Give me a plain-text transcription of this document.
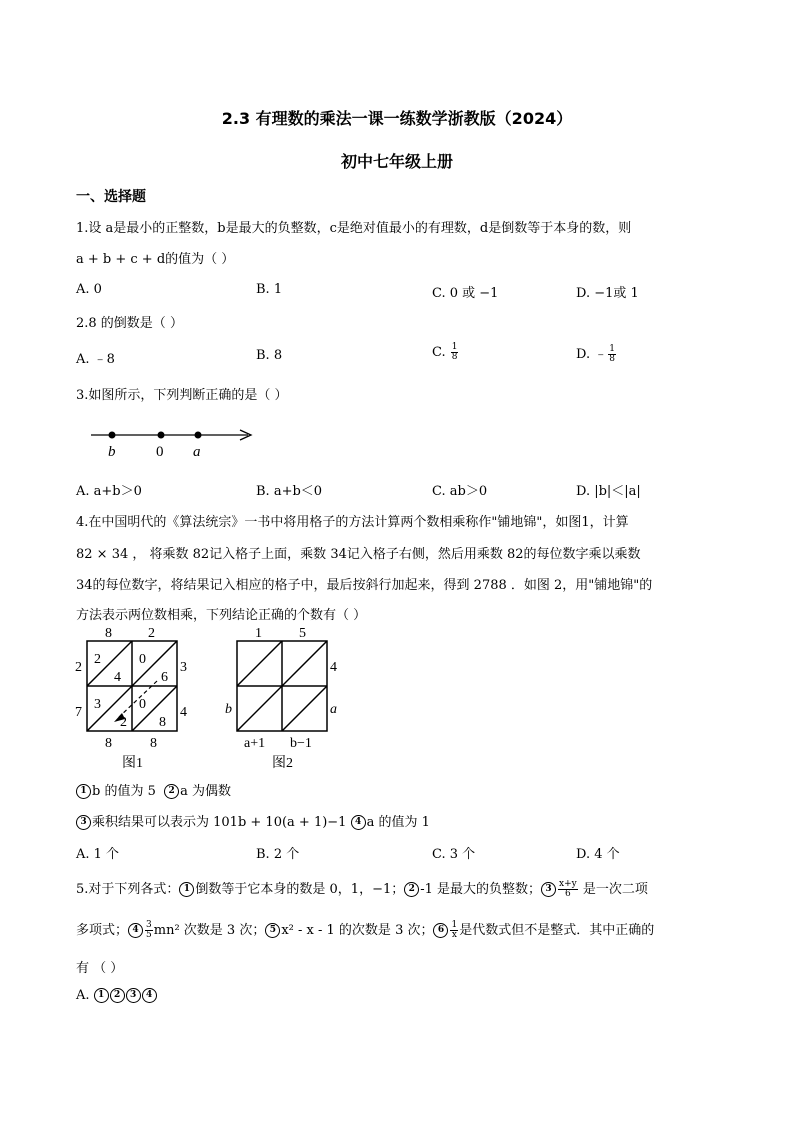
2.3 有理数的乘法一课一练数学浙教版（2024）
初中七年级上册
一、选择题
1.设 a是最小的正整数，b是最大的负整数，c是绝对值最小的有理数，d是倒数等于本身的数，则
a + b + c + d的值为（ ）
A. 0	B. 1	C. 0 或 −1	D. −1或 1
2.8 的倒数是（ ）
A. ﹣8	B. 8	C. $\frac{1}{8}$	D. ﹣ $\frac{1}{8}$
3.如图所示，下列判断正确的是（ ）
b	0 a
A. a+b＞0	B. a+b＜0	C. ab＞0	D. |b|＜|a|
4.在中国明代的《算法统宗》一书中将用格子的方法计算两个数相乘称作"铺地锦"，如图1，计算
82 × 34 ， 将乘数 82记入格子上面，乘数 34记入格子右侧，然后用乘数 82的每位数字乘以乘数
34的每位数字，将结果记入相应的格子中，最后按斜行加起来，得到 2788 ．如图 2，用"铺地锦"的
方法表示两位数相乘，下列结论正确的个数有（ ）
8	2
2
7
3
4
8	8
2
4
0
6
3
2
0
8
图1
1	5
4
a
b
a+1 b−1
图2
1 b 的值为 5 2 a 为偶数
3 乘积结果可以表示为 101b + 10(a + 1)−1 4 a 的值为 1
A. 1 个	B. 2 个	C. 3 个	D. 4 个
5.对于下列各式： 1 倒数等于它本身的数是 0，1，−1； 2 -1 是最大的负整数； $3 \frac{x+y}{6}$ 是一次二项
多项式； $4 \frac{3}{5} mn^2$ 次数是 3 次； 5 x² - x - 1 的次数是 3 次； $6 \frac{1}{x}$ 是代数式但不是整式．其中正确的
有 （ ）
A. 1 2 3 4
